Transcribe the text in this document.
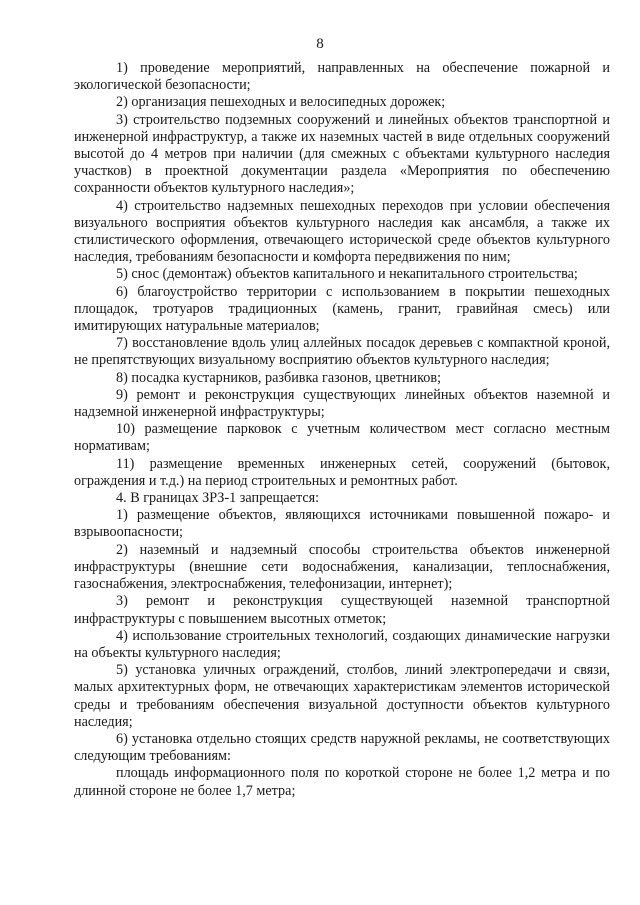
8

1) проведение мероприятий, направленных на обеспечение пожарной и экологической безопасности;

2) организация пешеходных и велосипедных дорожек;

3) строительство подземных сооружений и линейных объектов транспортной и инженерной инфраструктур, а также их наземных частей в виде отдельных сооружений высотой до 4 метров при наличии (для смежных с объектами культурного наследия участков) в проектной документации раздела «Мероприятия по обеспечению сохранности объектов культурного наследия»;

4) строительство надземных пешеходных переходов при условии обеспечения визуального восприятия объектов культурного наследия как ансамбля, а также их стилистического оформления, отвечающего исторической среде объектов культурного наследия, требованиям безопасности и комфорта передвижения по ним;

5) снос (демонтаж) объектов капитального и некапитального строительства;

6) благоустройство территории с использованием в покрытии пешеходных площадок, тротуаров традиционных (камень, гранит, гравийная смесь) или имитирующих натуральные материалов;

7) восстановление вдоль улиц аллейных посадок деревьев с компактной кроной, не препятствующих визуальному восприятию объектов культурного наследия;

8) посадка кустарников, разбивка газонов, цветников;

9) ремонт и реконструкция существующих линейных объектов наземной и надземной инженерной инфраструктуры;

10) размещение парковок с учетным количеством мест согласно местным нормативам;

11) размещение временных инженерных сетей, сооружений (бытовок, ограждения и т.д.) на период строительных и ремонтных работ.

4. В границах ЗРЗ-1 запрещается:

1) размещение объектов, являющихся источниками повышенной пожаро- и взрывоопасности;

2) наземный и надземный способы строительства объектов инженерной инфраструктуры (внешние сети водоснабжения, канализации, теплоснабжения, газоснабжения, электроснабжения, телефонизации, интернет);

3) ремонт и реконструкция существующей наземной транспортной инфраструктуры с повышением высотных отметок;

4) использование строительных технологий, создающих динамические нагрузки на объекты культурного наследия;

5) установка уличных ограждений, столбов, линий электропередачи и связи, малых архитектурных форм, не отвечающих характеристикам элементов исторической среды и требованиям обеспечения визуальной доступности объектов культурного наследия;

6) установка отдельно стоящих средств наружной рекламы, не соответствующих следующим требованиям:

площадь информационного поля по короткой стороне не более 1,2 метра и по длинной стороне не более 1,7 метра;
